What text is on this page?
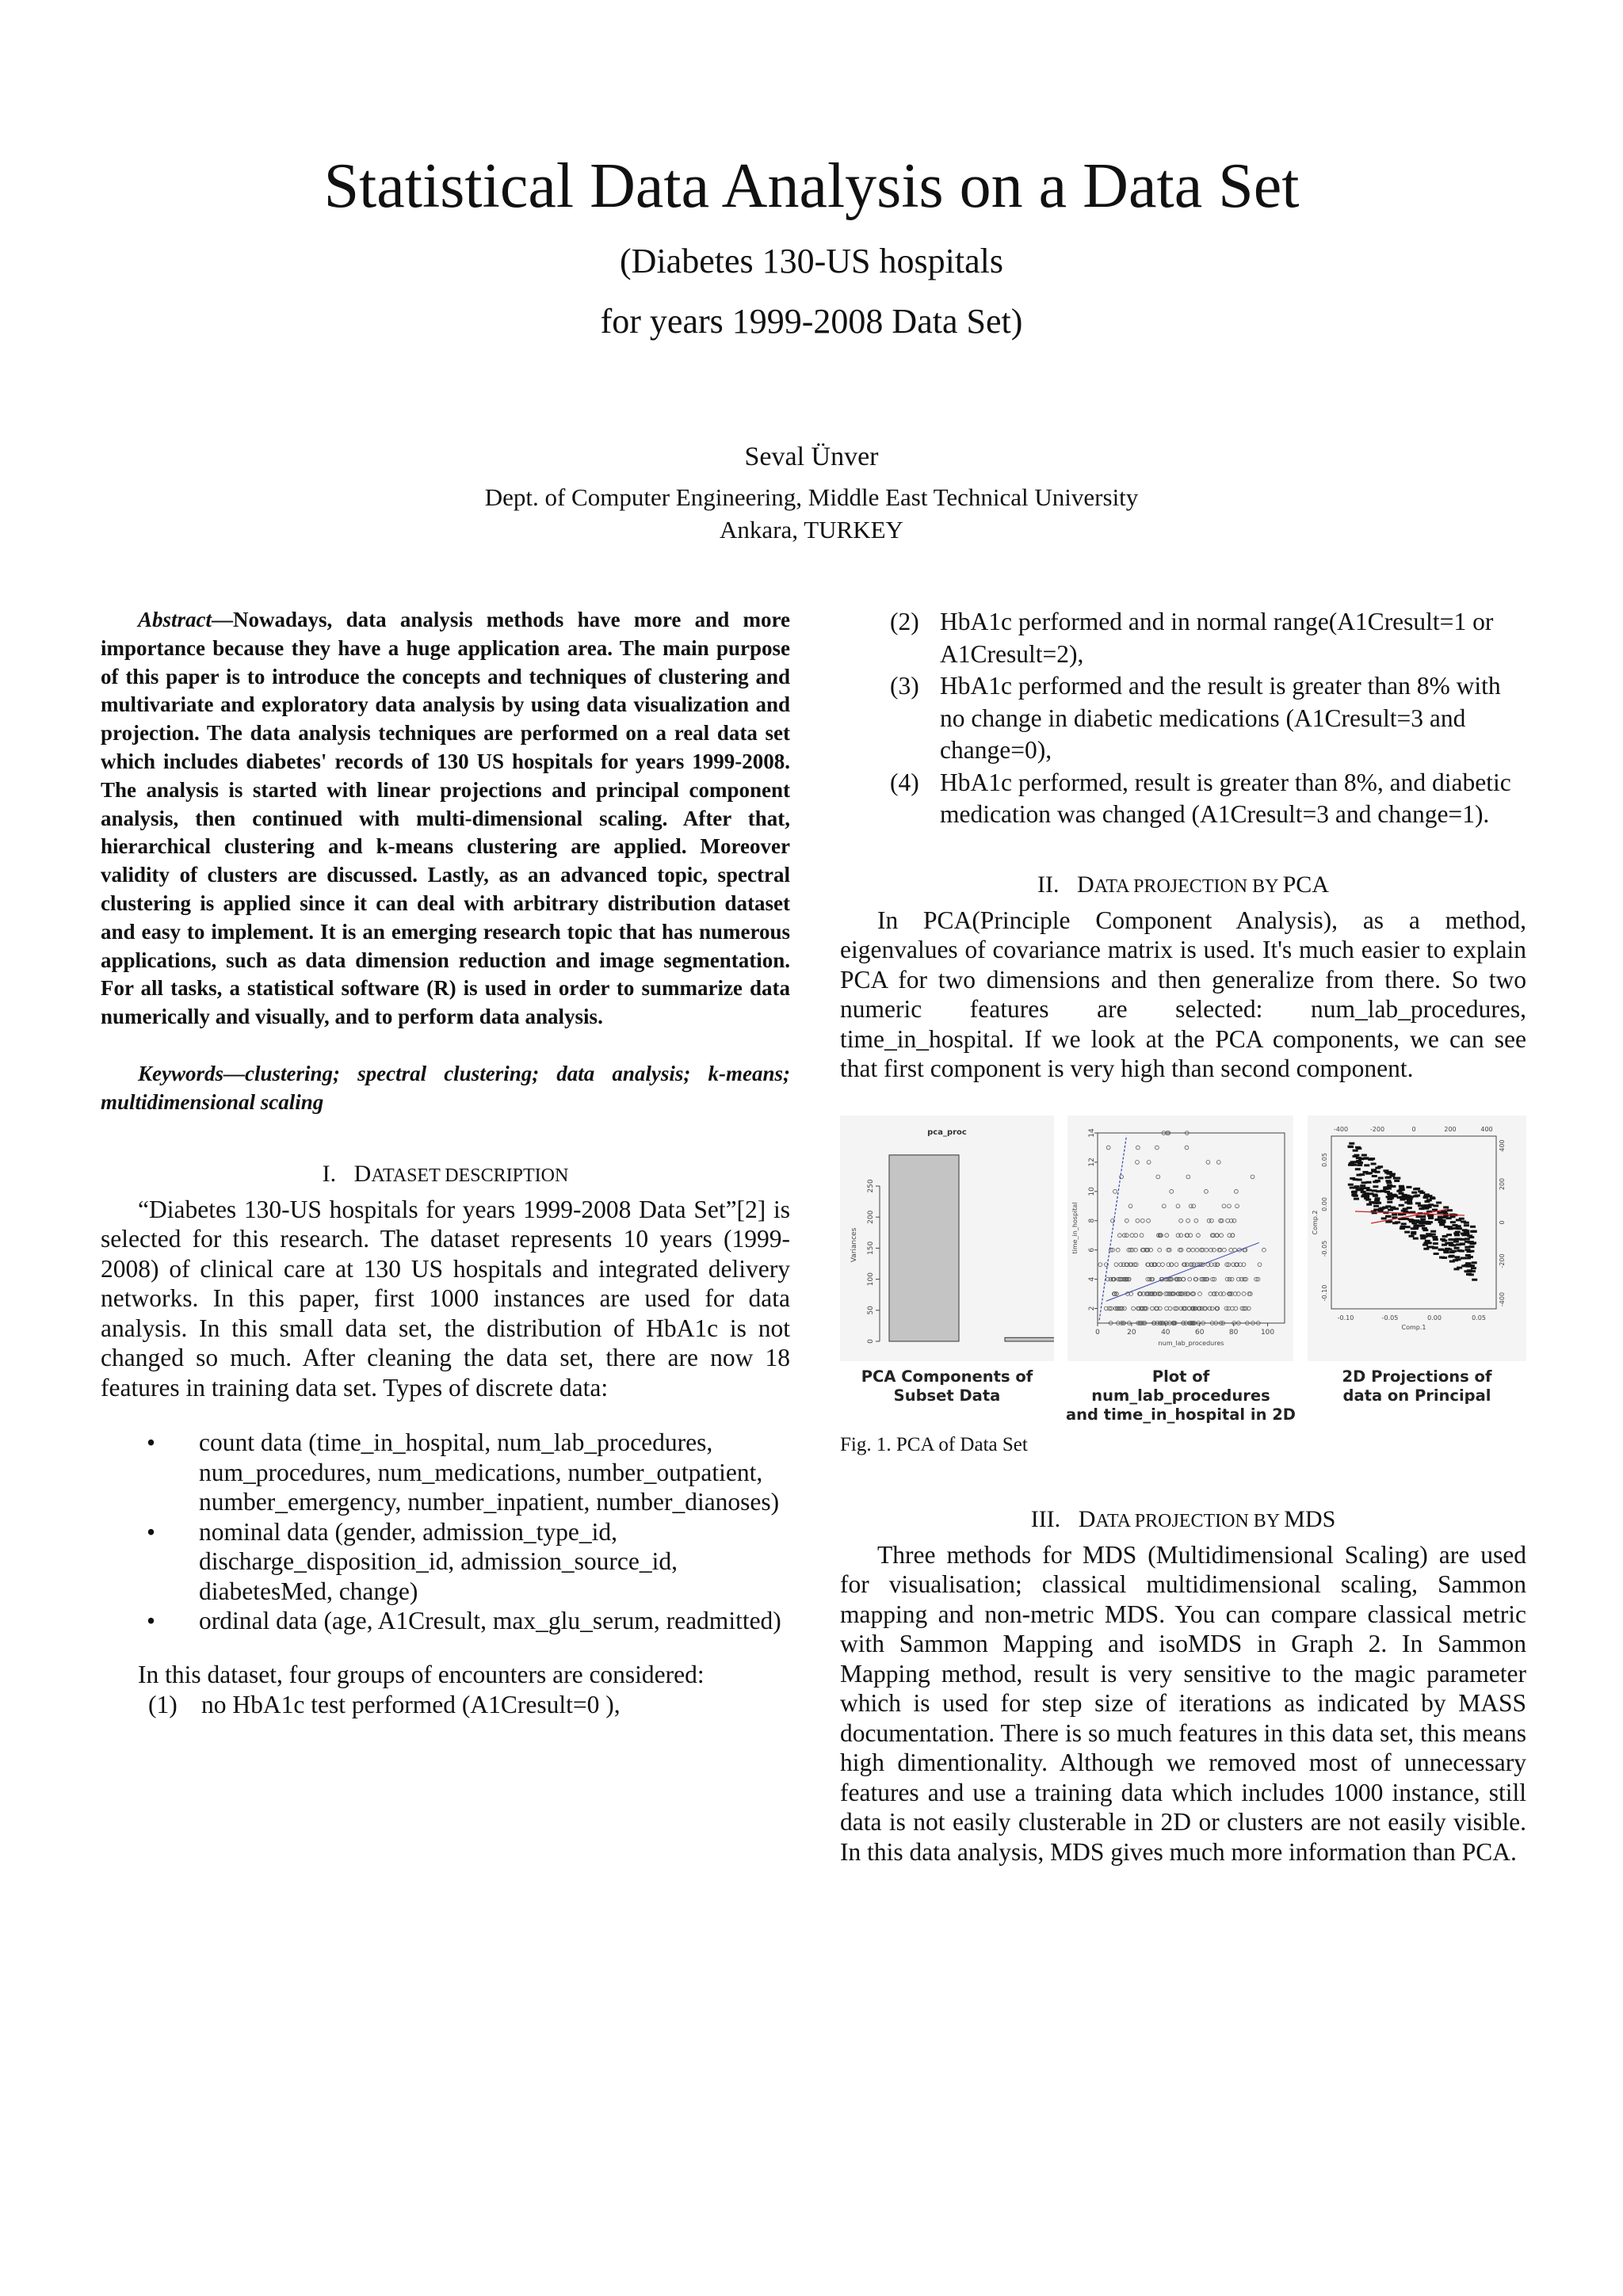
Statistical Data Analysis on a Data Set

(Diabetes 130-US hospitals

for years 1999-2008 Data Set)

Seval Ünver

Dept. of Computer Engineering, Middle East Technical University

Ankara, TURKEY

Abstract—Nowadays, data analysis methods have more and more importance because they have a huge application area. The main purpose of this paper is to introduce the concepts and techniques of clustering and multivariate and exploratory data analysis by using data visualization and projection. The data analysis techniques are performed on a real data set which includes diabetes' records of 130 US hospitals for years 1999-2008. The analysis is started with linear projections and principal component analysis, then continued with multi-dimensional scaling. After that, hierarchical clustering and k-means clustering are applied. Moreover validity of clusters are discussed. Lastly, as an advanced topic, spectral clustering is applied since it can deal with arbitrary distribution dataset and easy to implement. It is an emerging research topic that has numerous applications, such as data dimension reduction and image segmentation. For all tasks, a statistical software (R) is used in order to summarize data numerically and visually, and to perform data analysis.

Keywords—clustering; spectral clustering; data analysis; k-means; multidimensional scaling

I. DATASET DESCRIPTION

“Diabetes 130-US hospitals for years 1999-2008 Data Set”[2] is selected for this research. The dataset represents 10 years (1999-2008) of clinical care at 130 US hospitals and integrated delivery networks. In this paper, first 1000 instances are used for data analysis. In this small data set, the distribution of HbA1c is not changed so much. After cleaning the data set, there are now 18 features in training data set. Types of discrete data:

• count data (time_in_hospital, num_lab_procedures, num_procedures, num_medications, number_outpatient, number_emergency, number_inpatient, number_dianoses)
• nominal data (gender, admission_type_id, discharge_disposition_id, admission_source_id, diabetesMed, change)
• ordinal data (age, A1Cresult, max_glu_serum, readmitted)

In this dataset, four groups of encounters are considered:

(1) no HbA1c test performed (A1Cresult=0 ),
(2) HbA1c performed and in normal range(A1Cresult=1 or A1Cresult=2),
(3) HbA1c performed and the result is greater than 8% with no change in diabetic medications (A1Cresult=3 and change=0),
(4) HbA1c performed, result is greater than 8%, and diabetic medication was changed (A1Cresult=3 and change=1).

II. DATA PROJECTION BY PCA

In PCA(Principle Component Analysis), as a method, eigenvalues of covariance matrix is used. It's much easier to explain PCA for two dimensions and then generalize from there. So two numeric features are selected: num_lab_procedures, time_in_hospital. If we look at the PCA components, we can see that first component is very high than second component.

pca_proc
0
50
100
150
200
250
Variances
0	20	40	60	80	100
2
4
6
8
10
12
14
num_lab_procedures
time_in_hospital
-0.10	-0.05	0.00	0.05
-400	-200	0	200	400
-0.10
-0.05
0.00
0.05
-400
-200
0
200
400
Comp.1
Comp.2
PCA Components of
Subset Data
Plot of num_lab_procedures
and time_in_hospital in 2D
2D Projections of
data on Principal

Fig. 1. PCA of Data Set

III. DATA PROJECTION BY MDS

Three methods for MDS (Multidimensional Scaling) are used for visualisation; classical multidimensional scaling, Sammon mapping and non-metric MDS. You can compare classical metric with Sammon Mapping and isoMDS in Graph 2. In Sammon Mapping method, result is very sensitive to the magic parameter which is used for step size of iterations as indicated by MASS documentation. There is so much features in this data set, this means high dimentionality. Although we removed most of unnecessary features and use a training data which includes 1000 instance, still data is not easily clusterable in 2D or clusters are not easily visible. In this data analysis, MDS gives much more information than PCA.
